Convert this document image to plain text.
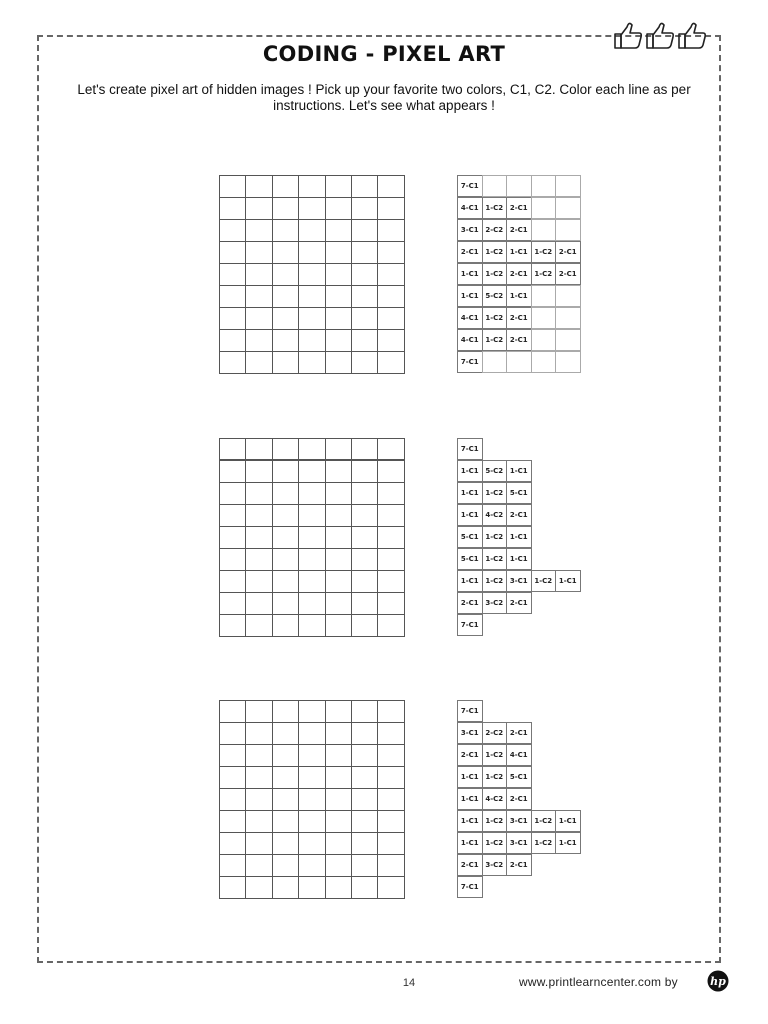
CODING - PIXEL ART
Let's create pixel art of hidden images ! Pick up your favorite two colors, C1, C2. Color each line as per instructions. Let's see what appears !
7-C1
4-C1 1-C2 2-C1
3-C1 2-C2 2-C1
2-C1 1-C2 1-C1 1-C2 2-C1
1-C1 1-C2 2-C1 1-C2 2-C1
1-C1 5-C2 1-C1
4-C1 1-C2 2-C1
4-C1 1-C2 2-C1
7-C1
7-C1
1-C1 5-C2 1-C1
1-C1 1-C2 5-C1
1-C1 4-C2 2-C1
5-C1 1-C2 1-C1
5-C1 1-C2 1-C1
1-C1 1-C2 3-C1 1-C2 1-C1
2-C1 3-C2 2-C1
7-C1
7-C1
3-C1 2-C2 2-C1
2-C1 1-C2 4-C1
1-C1 1-C2 5-C1
1-C1 4-C2 2-C1
1-C1 1-C2 3-C1 1-C2 1-C1
1-C1 1-C2 3-C1 1-C2 1-C1
2-C1 3-C2 2-C1
7-C1
14	www.printlearncenter.com by	hp
